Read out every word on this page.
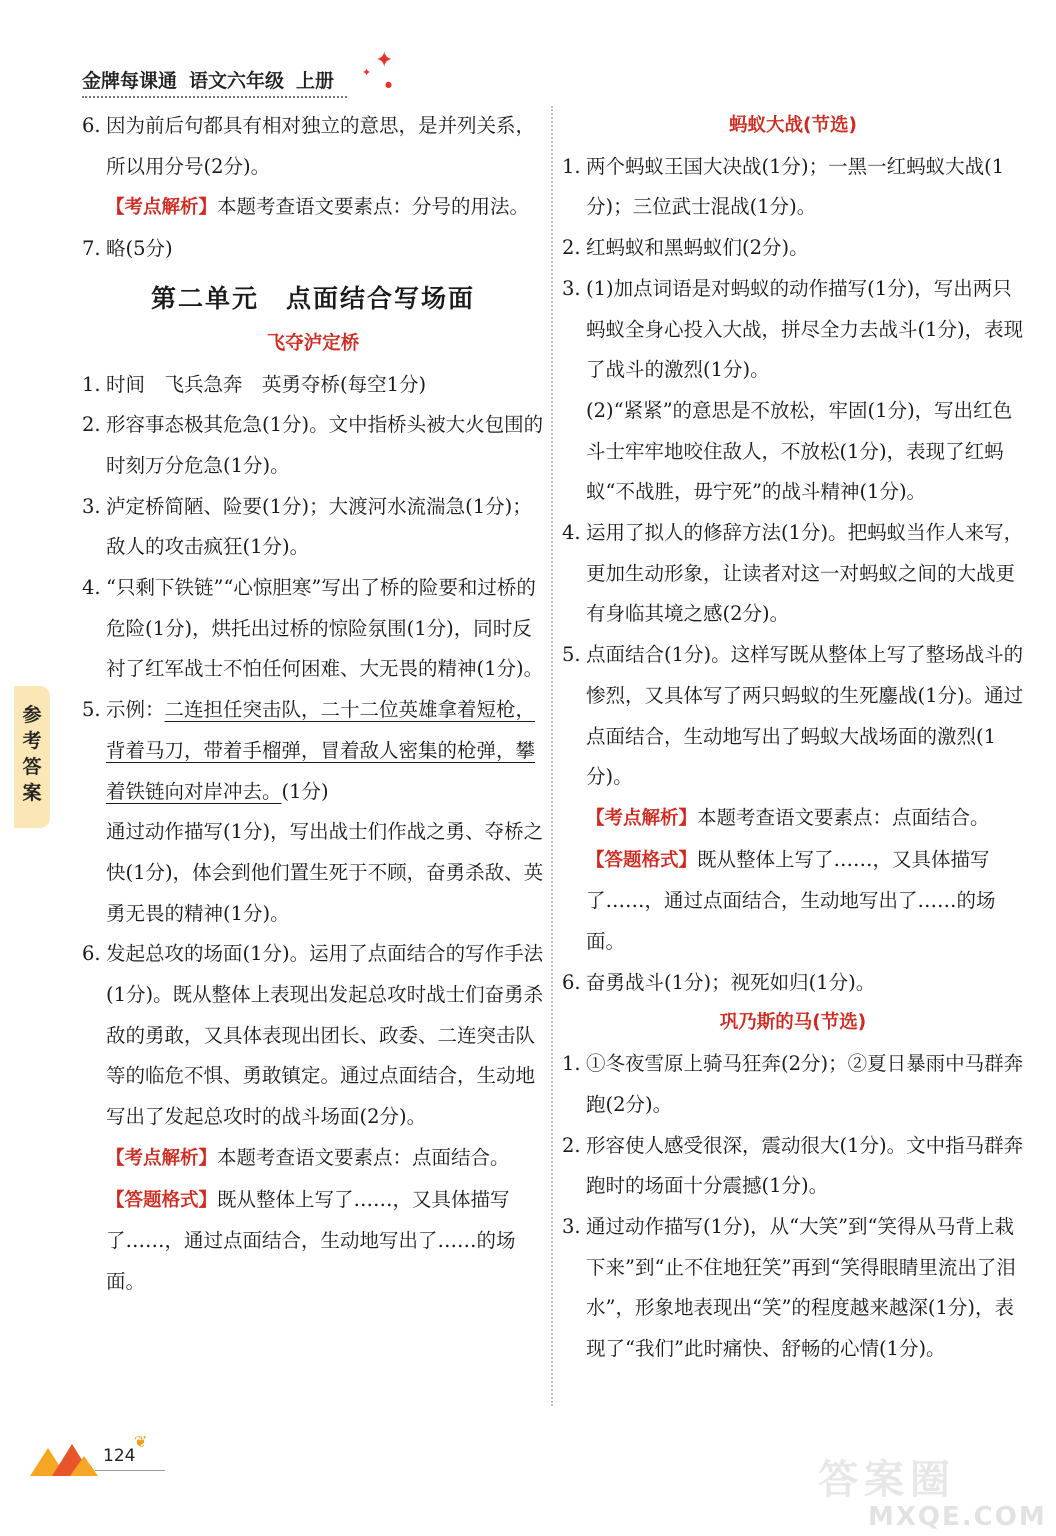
金牌每课通 语文六年级 上册
✦
✦
●
6. 因为前后句都具有相对独立的意思，是并列关系，所以用分号(2分)。
【考点解析】本题考查语文要素点：分号的用法。
7. 略(5分)
第二单元　点面结合写场面
飞夺泸定桥
1. 时间　飞兵急奔　英勇夺桥(每空1分)
2. 形容事态极其危急(1分)。文中指桥头被大火包围的时刻万分危急(1分)。
3. 泸定桥简陋、险要(1分)；大渡河水流湍急(1分)；敌人的攻击疯狂(1分)。
4. “只剩下铁链”“心惊胆寒”写出了桥的险要和过桥的危险(1分)，烘托出过桥的惊险氛围(1分)，同时反衬了红军战士不怕任何困难、大无畏的精神(1分)。
5. 示例：二连担任突击队，二十二位英雄拿着短枪，背着马刀，带着手榴弹，冒着敌人密集的枪弹，攀着铁链向对岸冲去。(1分)
通过动作描写(1分)，写出战士们作战之勇、夺桥之快(1分)，体会到他们置生死于不顾，奋勇杀敌、英勇无畏的精神(1分)。
6. 发起总攻的场面(1分)。运用了点面结合的写作手法(1分)。既从整体上表现出发起总攻时战士们奋勇杀敌的勇敢，又具体表现出团长、政委、二连突击队等的临危不惧、勇敢镇定。通过点面结合，生动地写出了发起总攻时的战斗场面(2分)。
【考点解析】本题考查语文要素点：点面结合。
【答题格式】既从整体上写了……，又具体描写了……，通过点面结合，生动地写出了……的场面。
蚂蚁大战(节选)
1. 两个蚂蚁王国大决战(1分)；一黑一红蚂蚁大战(1分)；三位武士混战(1分)。
2. 红蚂蚁和黑蚂蚁们(2分)。
3. (1)加点词语是对蚂蚁的动作描写(1分)，写出两只蚂蚁全身心投入大战，拼尽全力去战斗(1分)，表现了战斗的激烈(1分)。
(2)“紧紧”的意思是不放松，牢固(1分)，写出红色斗士牢牢地咬住敌人，不放松(1分)，表现了红蚂蚁“不战胜，毋宁死”的战斗精神(1分)。
4. 运用了拟人的修辞方法(1分)。把蚂蚁当作人来写，更加生动形象，让读者对这一对蚂蚁之间的大战更有身临其境之感(2分)。
5. 点面结合(1分)。这样写既从整体上写了整场战斗的惨烈，又具体写了两只蚂蚁的生死鏖战(1分)。通过点面结合，生动地写出了蚂蚁大战场面的激烈(1分)。
【考点解析】本题考查语文要素点：点面结合。
【答题格式】既从整体上写了……，又具体描写了……，通过点面结合，生动地写出了……的场面。
6. 奋勇战斗(1分)；视死如归(1分)。
巩乃斯的马(节选)
1. ①冬夜雪原上骑马狂奔(2分)；②夏日暴雨中马群奔跑(2分)。
2. 形容使人感受很深，震动很大(1分)。文中指马群奔跑时的场面十分震撼(1分)。
3. 通过动作描写(1分)，从“大笑”到“笑得从马背上栽下来”到“止不住地狂笑”再到“笑得眼睛里流出了泪水”，形象地表现出“笑”的程度越来越深(1分)，表现了“我们”此时痛快、舒畅的心情(1分)。
参考答案
❦
124
答案圈
MXQE.COM
